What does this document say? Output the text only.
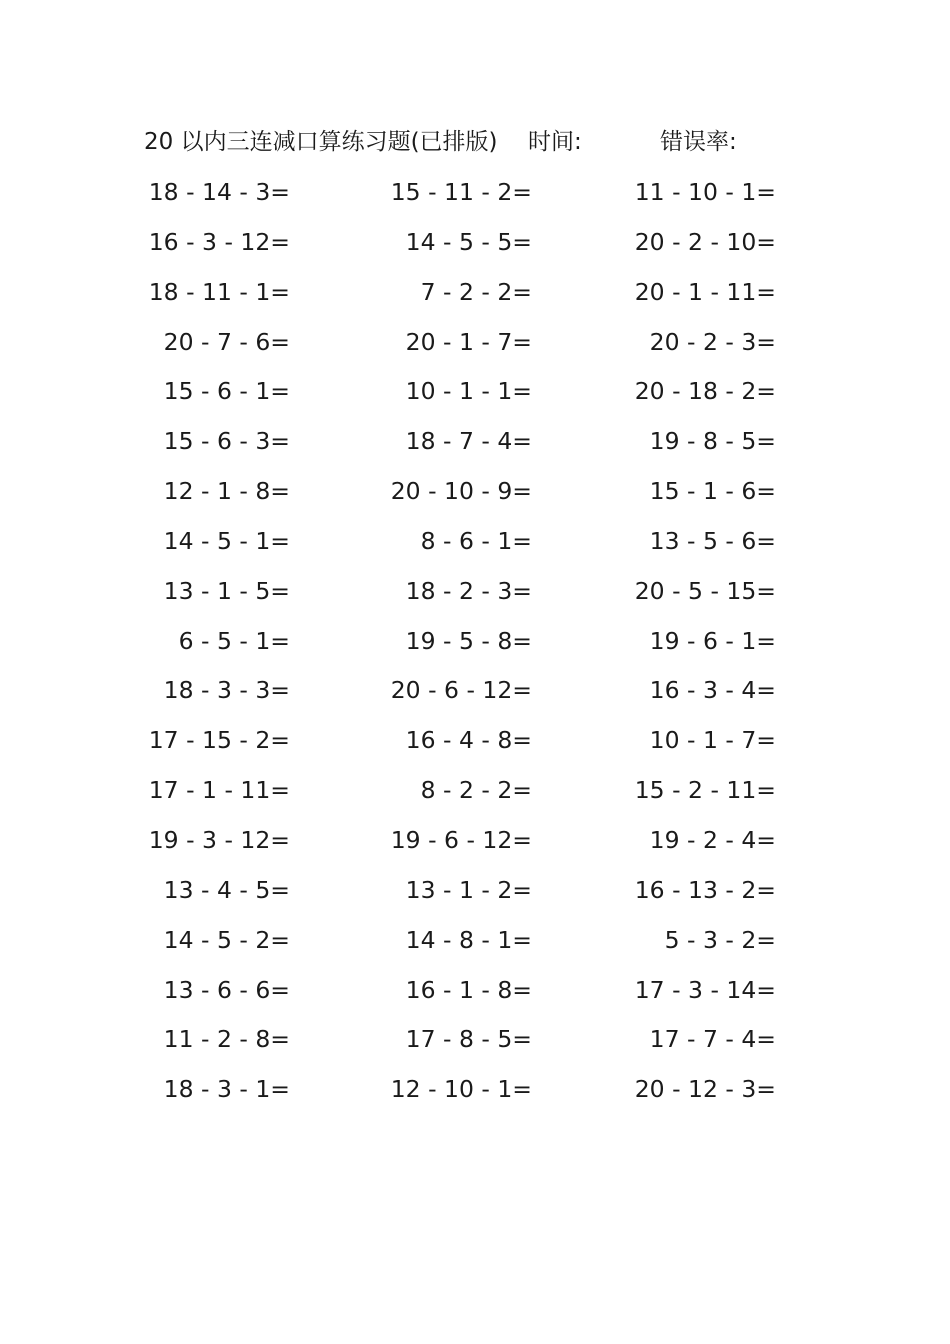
20 以内三连减口算练习题(已排版) 时间:	错误率:
18 - 14 - 3=	15 - 11 - 2=	11 - 10 - 1=
16 - 3 - 12=	14 - 5 - 5=	20 - 2 - 10=
18 - 11 - 1=	7 - 2 - 2=	20 - 1 - 11=
20 - 7 - 6=	20 - 1 - 7=	20 - 2 - 3=
15 - 6 - 1=	10 - 1 - 1=	20 - 18 - 2=
15 - 6 - 3=	18 - 7 - 4=	19 - 8 - 5=
12 - 1 - 8=	20 - 10 - 9=	15 - 1 - 6=
14 - 5 - 1=	8 - 6 - 1=	13 - 5 - 6=
13 - 1 - 5=	18 - 2 - 3=	20 - 5 - 15=
6 - 5 - 1=	19 - 5 - 8=	19 - 6 - 1=
18 - 3 - 3=	20 - 6 - 12=	16 - 3 - 4=
17 - 15 - 2=	16 - 4 - 8=	10 - 1 - 7=
17 - 1 - 11=	8 - 2 - 2=	15 - 2 - 11=
19 - 3 - 12=	19 - 6 - 12=	19 - 2 - 4=
13 - 4 - 5=	13 - 1 - 2=	16 - 13 - 2=
14 - 5 - 2=	14 - 8 - 1=	5 - 3 - 2=
13 - 6 - 6=	16 - 1 - 8=	17 - 3 - 14=
11 - 2 - 8=	17 - 8 - 5=	17 - 7 - 4=
18 - 3 - 1=	12 - 10 - 1=	20 - 12 - 3=
